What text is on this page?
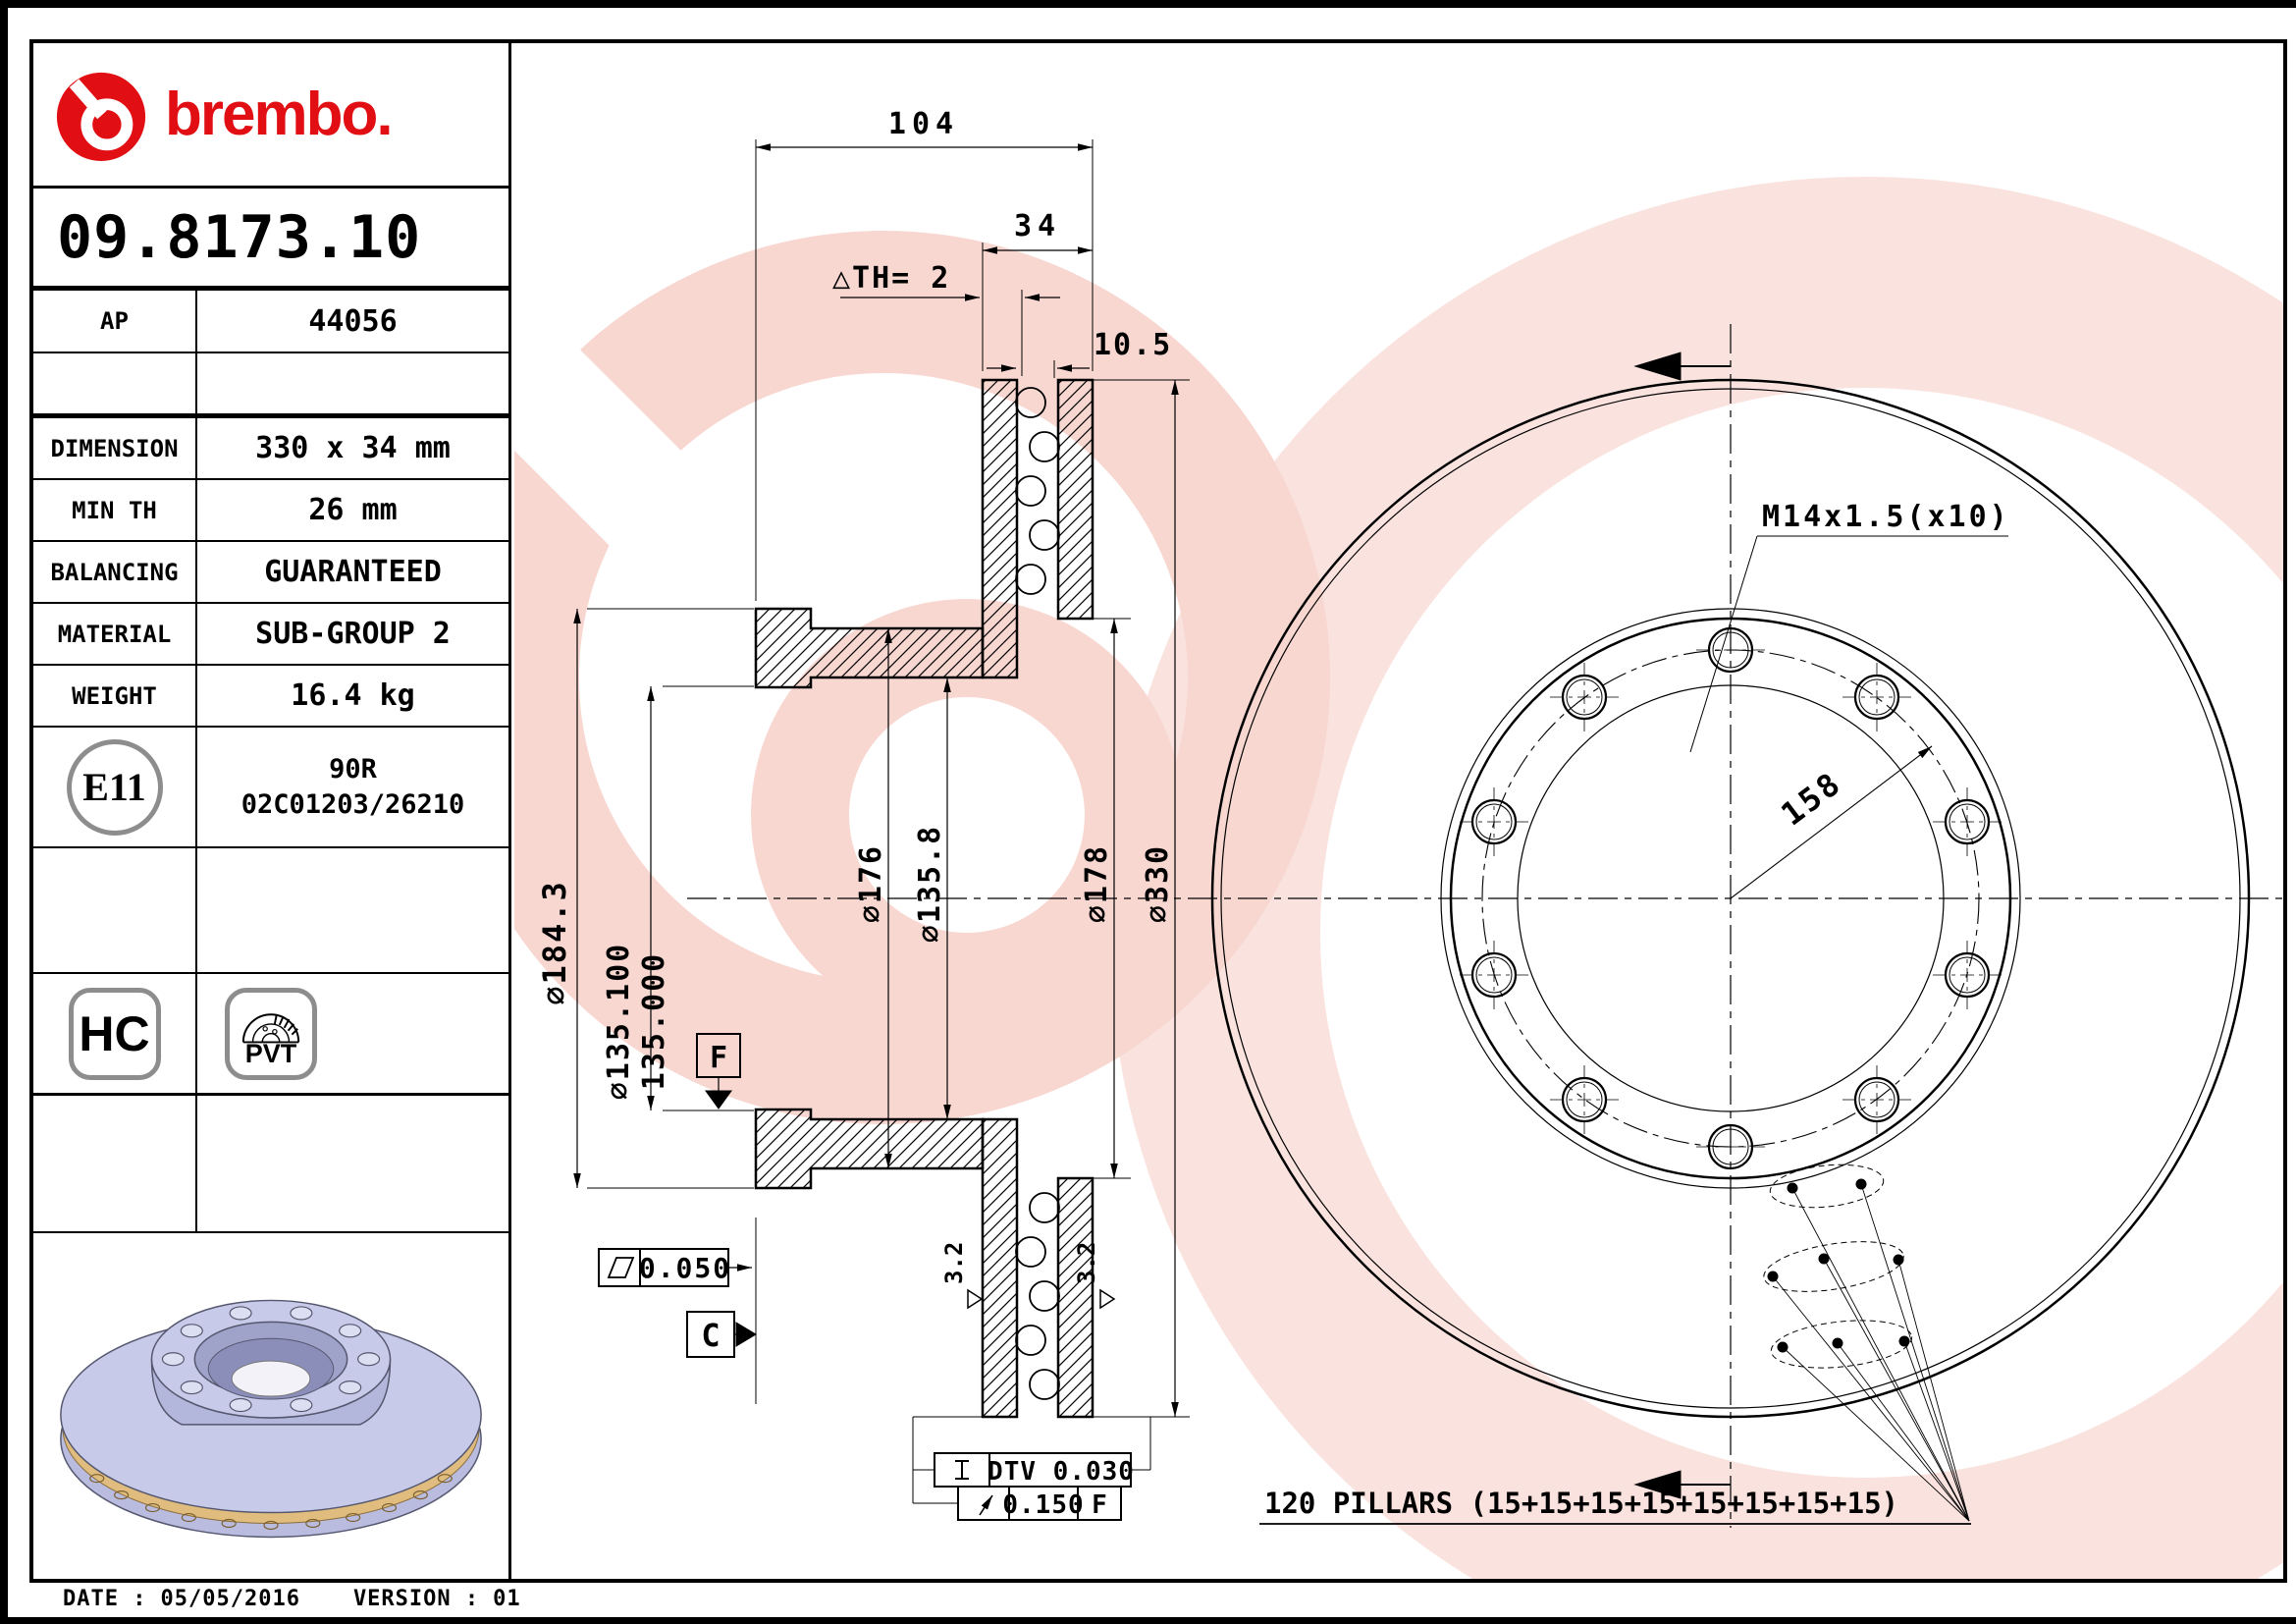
104
34
△TH= 2
10.5
⌀184.3 ⌀135.100 135.000
⌀176 ⌀135.8	⌀178 ⌀330
3.2	3.2
0.050
C
F
DTV 0.030
0.150 F
M14x1.5(x10)
158
120 PILLARS (15+15+15+15+15+15+15+15)
brembo.
09.8173.10
AP	44056
DIMENSION	330 x 34 mm
MIN TH	26 mm
BALANCING	GUARANTEED
MATERIAL	SUB-GROUP 2
WEIGHT	16.4 kg
E11	90R
02C01203/26210
HC	PVT
DATE : 05/05/2016 VERSION : 01
